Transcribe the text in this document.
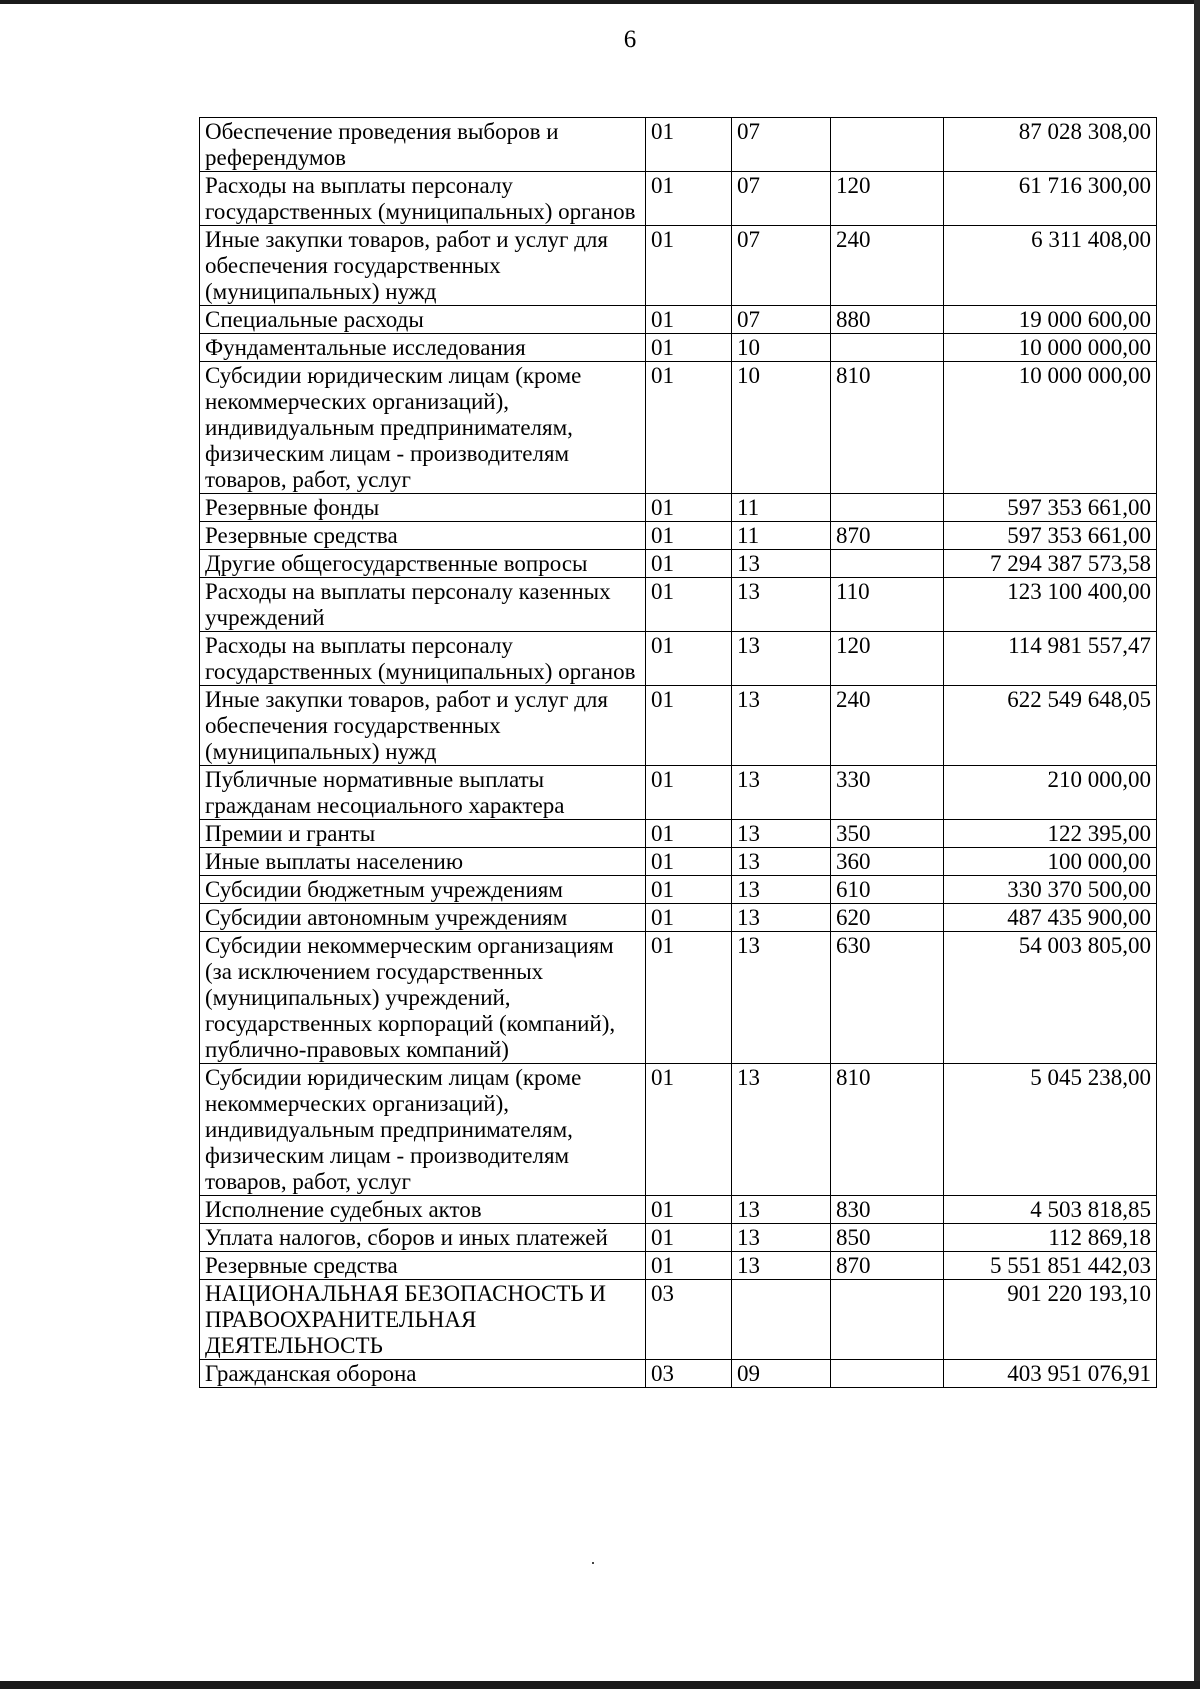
6
Обеспечение проведения выборов и референдумов	01	07		87 028 308,00
Расходы на выплаты персоналу государственных (муниципальных) органов	01	07	120	61 716 300,00
Иные закупки товаров, работ и услуг для обеспечения государственных (муниципальных) нужд	01	07	240	6 311 408,00
Специальные расходы	01	07	880	19 000 600,00
Фундаментальные исследования	01	10		10 000 000,00
Субсидии юридическим лицам (кроме некоммерческих организаций), индивидуальным предпринимателям, физическим лицам - производителям товаров, работ, услуг	01	10	810	10 000 000,00
Резервные фонды	01	11		597 353 661,00
Резервные средства	01	11	870	597 353 661,00
Другие общегосударственные вопросы	01	13		7 294 387 573,58
Расходы на выплаты персоналу казенных учреждений	01	13	110	123 100 400,00
Расходы на выплаты персоналу государственных (муниципальных) органов	01	13	120	114 981 557,47
Иные закупки товаров, работ и услуг для обеспечения государственных (муниципальных) нужд	01	13	240	622 549 648,05
Публичные нормативные выплаты гражданам несоциального характера	01	13	330	210 000,00
Премии и гранты	01	13	350	122 395,00
Иные выплаты населению	01	13	360	100 000,00
Субсидии бюджетным учреждениям	01	13	610	330 370 500,00
Субсидии автономным учреждениям	01	13	620	487 435 900,00
Субсидии некоммерческим организациям (за исключением государственных (муниципальных) учреждений, государственных корпораций (компаний), публично-правовых компаний)	01	13	630	54 003 805,00
Субсидии юридическим лицам (кроме некоммерческих организаций), индивидуальным предпринимателям, физическим лицам - производителям товаров, работ, услуг	01	13	810	5 045 238,00
Исполнение судебных актов	01	13	830	4 503 818,85
Уплата налогов, сборов и иных платежей	01	13	850	112 869,18
Резервные средства	01	13	870	5 551 851 442,03
НАЦИОНАЛЬНАЯ БЕЗОПАСНОСТЬ И ПРАВООХРАНИТЕЛЬНАЯ ДЕЯТЕЛЬНОСТЬ	03			901 220 193,10
Гражданская оборона	03	09		403 951 076,91
